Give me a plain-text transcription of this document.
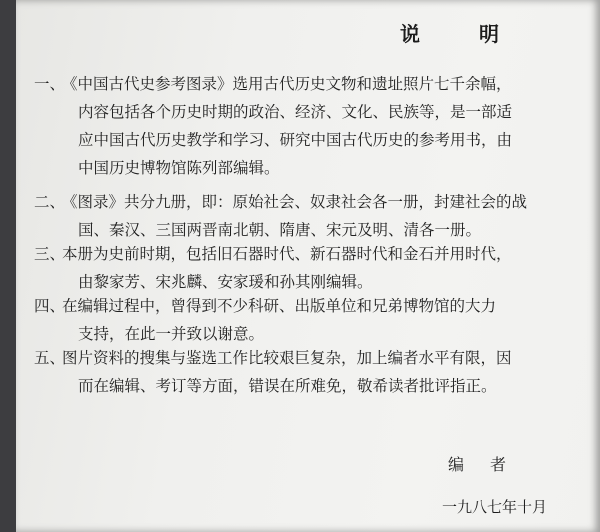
说 明
一、《中国古代史参考图录》选用古代历史文物和遗址照片七千余幅，
内容包括各个历史时期的政治、经济、文化、民族等，是一部适
应中国古代历史教学和学习、研究中国古代历史的参考用书，由
中国历史博物馆陈列部编辑。
二、《图录》共分九册，即：原始社会、奴隶社会各一册，封建社会的战
国、秦汉、三国两晋南北朝、隋唐、宋元及明、清各一册。
三、本册为史前时期，包括旧石器时代、新石器时代和金石并用时代，
由黎家芳、宋兆麟、安家瑗和孙其刚编辑。
四、在编辑过程中，曾得到不少科研、出版单位和兄弟博物馆的大力
支持，在此一并致以谢意。
五、图片资料的搜集与鉴选工作比较艰巨复杂，加上编者水平有限，因
而在编辑、考订等方面，错误在所难免，敬希读者批评指正。
编者
一九八七年十月
